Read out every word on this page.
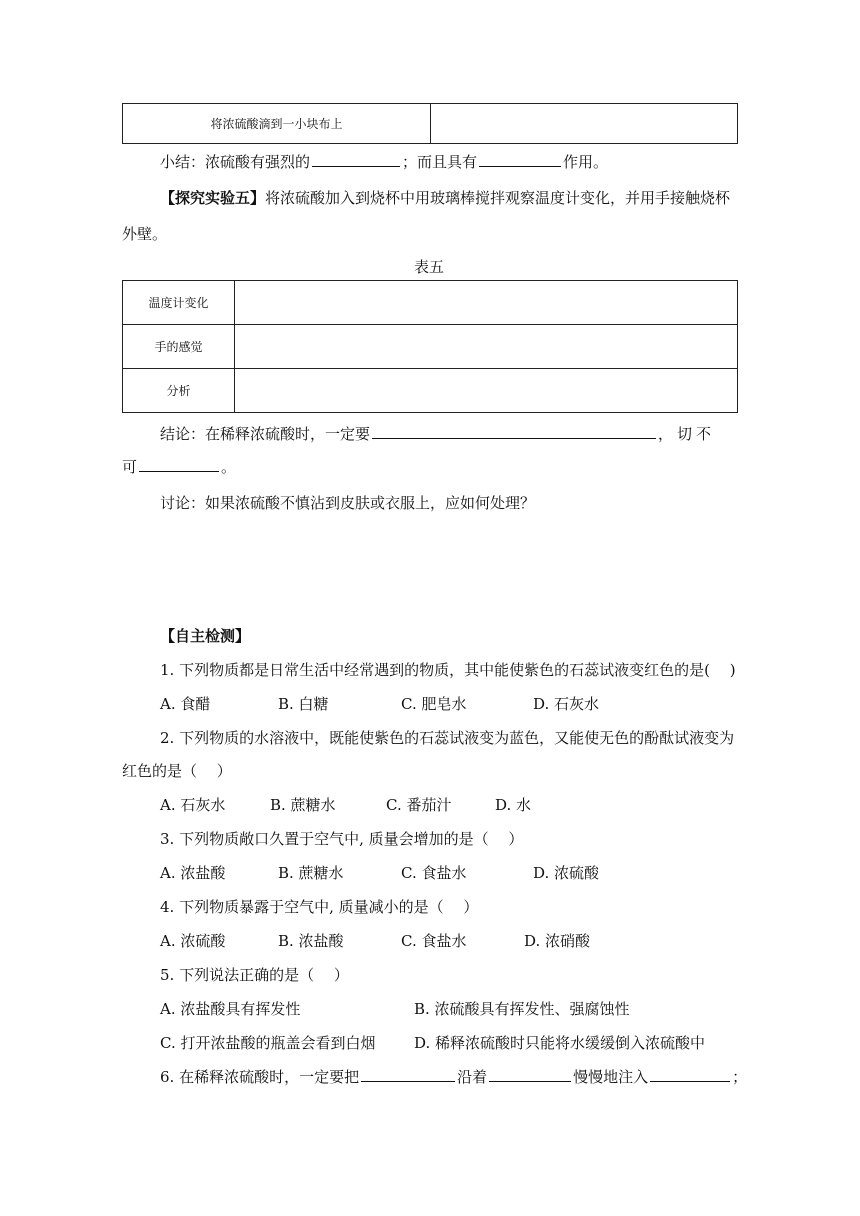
将浓硫酸滴到一小块布上	
小结：浓硫酸有强烈的	；而且具有	作用。
【探究实验五】将浓硫酸加入到烧杯中用玻璃棒搅拌观察温度计变化，并用手接触烧杯
外壁。
表五
温度计变化	
手的感觉	
分析	
结论：在稀释浓硫酸时，一定要	，切不
可	。
讨论：如果浓硫酸不慎沾到皮肤或衣服上，应如何处理？
【自主检测】
1. 下列物质都是日常生活中经常遇到的物质，其中能使紫色的石蕊试液变红色的是(　 )
A. 食醋	B. 白糖	C. 肥皂水	D. 石灰水
2. 下列物质的水溶液中，既能使紫色的石蕊试液变为蓝色，又能使无色的酚酞试液变为
红色的是（　 ）
A. 石灰水	B. 蔗糖水	C. 番茄汁	D. 水
3. 下列物质敞口久置于空气中, 质量会增加的是（　 ）
A. 浓盐酸	B. 蔗糖水	C. 食盐水	D. 浓硫酸
4. 下列物质暴露于空气中, 质量减小的是（　 ）
A. 浓硫酸	B. 浓盐酸	C. 食盐水	D. 浓硝酸
5. 下列说法正确的是（　 ）
A. 浓盐酸具有挥发性	B. 浓硫酸具有挥发性、强腐蚀性
C. 打开浓盐酸的瓶盖会看到白烟	D. 稀释浓硫酸时只能将水缓缓倒入浓硫酸中
6. 在稀释浓硫酸时，一定要把	沿着	慢慢地注入	；
